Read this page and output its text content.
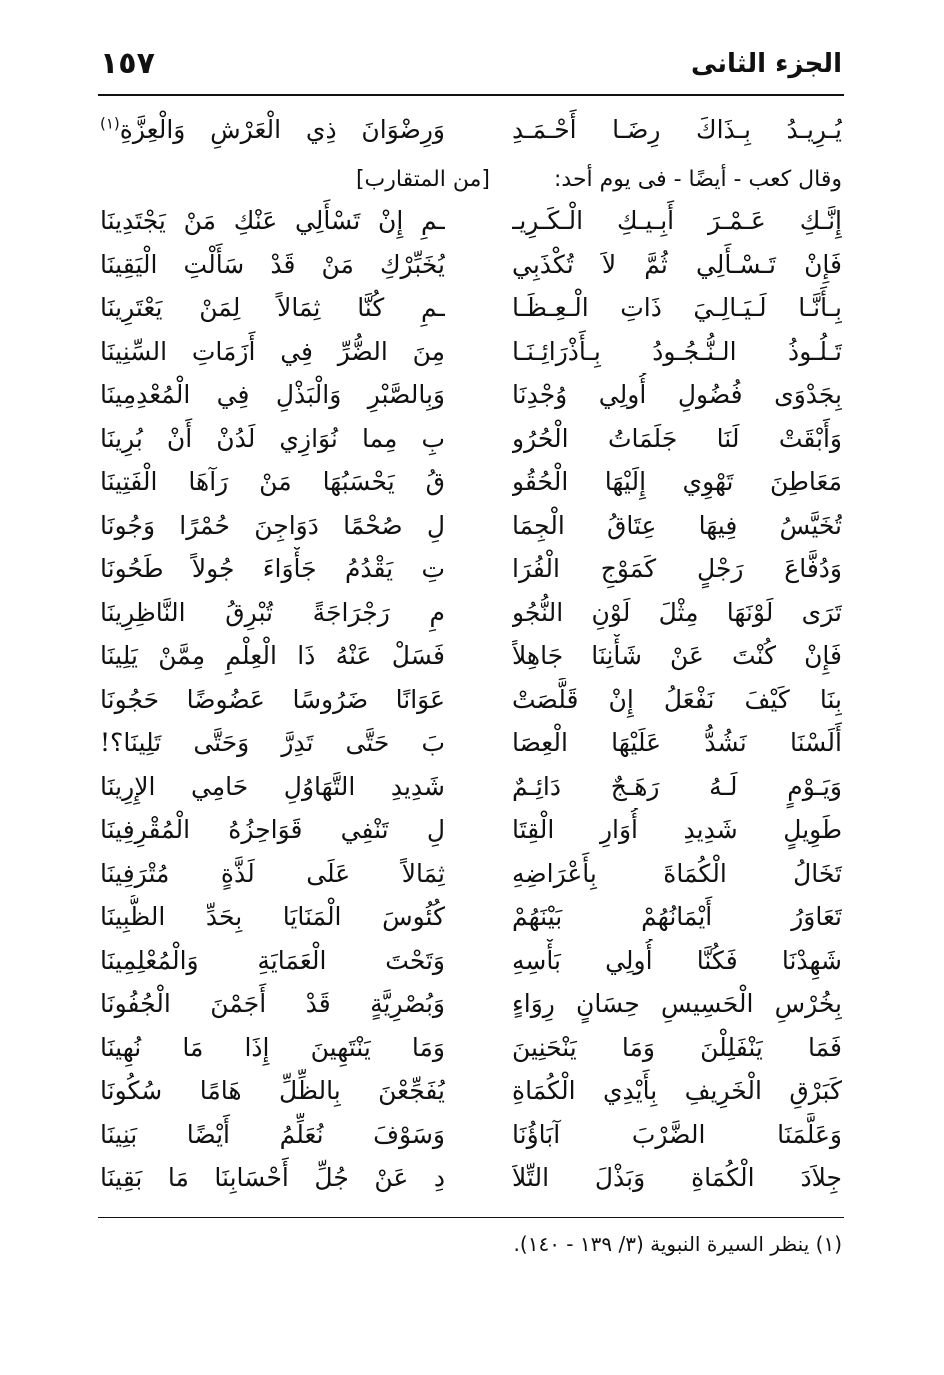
١٥٧	الجزء الثانى
يُـرِيـدُ بِـذَاكَ رِضَـا أَحْـمَـدِ
وَرِضْوَانَ ذِي الْعَرْشِ وَالْعِزَّةِ$^{(١)}$
وقال كعب - أيضًا - فى يوم أحد:
[من المتقارب]
إِنَّـكِ عَـمْـرَ أَبِـيـكِ الْـكَـرِيـ
ـمِ إِنْ تَسْأَلِي عَنْكِ مَنْ يَجْتَدِينَا
فَإِنْ تَـسْـأَلِي ثُمَّ لاَ تُكْذَبِي
يُخَبِّرْكِ مَنْ قَدْ سَأَلْتِ الْيَقِينَا
بِـأَنَّـا لَـيَـالِـيَ ذَاتِ الْـعِـظَـا
ـمِ كُنَّا ثِمَالاً لِمَنْ يَعْتَرِينَا
تَـلُـوذُ الـنُّـجُـودُ بِـأَذْرَائِـنَـا
مِنَ الضُّرِّ فِي أَزَمَاتِ السِّنِينَا
بِجَدْوَى فُضُولِ أُولِي وُجْدِنَا
وَبِالصَّبْرِ وَالْبَذْلِ فِي الْمُعْدِمِينَا
وَأَبْقَتْ لَنَا جَلَمَاتُ الْحُرُو
بِ مِما نُوَازِي لَدُنْ أَنْ بُرِينَا
مَعَاطِنَ تَهْوِي إِلَيْهَا الْحُقُو
قُ يَحْسَبُهَا مَنْ رَآهَا الْفَتِينَا
تُخَيَّسُ فِيهَا عِتَاقُ الْجِمَا
لِ صُحْمًا دَوَاجِنَ حُمْرًا وَجُونَا
وَدُفَّاعَ رَجْلٍ كَمَوْجِ الْفُرَا
تِ يَقْدُمُ جَأْوَاءَ جُولاً طَحُونَا
تَرَى لَوْنَهَا مِثْلَ لَوْنِ النُّجُو
مِ رَجْرَاجَةً تُبْرِقُ النَّاظِرِينَا
فَإِنْ كُنْتَ عَنْ شَأْنِنَا جَاهِلاً
فَسَلْ عَنْهُ ذَا الْعِلْمِ مِمَّنْ يَلِينَا
بِنَا كَيْفَ نَفْعَلُ إِنْ قَلَّصَتْ
عَوَانًا ضَرُوسًا عَضُوضًا حَجُونَا
أَلَسْنَا نَشُدُّ عَلَيْهَا الْعِصَا
بَ حَتَّى تَدِرَّ وَحَتَّى تَلِينَا؟!
وَيَـوْمٍ لَـهُ رَهَـجٌ دَائِـمٌ
شَدِيدِ التَّهَاوُلِ حَامِي الإِرِينَا
طَوِيلٍ شَدِيدِ أُوَارِ الْقِتَا
لِ تَنْفِي قَوَاحِزُهُ الْمُقْرِفِينَا
تَخَالُ الْكُمَاةَ بِأَعْرَاضِهِ
ثِمَالاً عَلَى لَذَّةٍ مُتْرَفِينَا
تَعَاوَرُ أَيْمَانُهُمْ بَيْنَهُمْ
كُئُوسَ الْمَنَايَا بِحَدِّ الظُّبِينَا
شَهِدْنَا فَكُنَّا أُولِي بَأْسِهِ
وَتَحْتَ الْعَمَايَةِ وَالْمُعْلِمِينَا
بِخُرْسِ الْحَسِيسِ حِسَانٍ رِوَاءٍ
وَبُصْرِيَّةٍ قَدْ أَجَمْنَ الْجُفُونَا
فَمَا يَنْفَلِلْنَ وَمَا يَنْحَنِينَ
وَمَا يَنْتَهِينَ إِذَا مَا نُهِينَا
كَبَرْقِ الْخَرِيفِ بِأَيْدِي الْكُمَاةِ
يُفَجِّعْنَ بِالظِّلِّ هَامًا سُكُونَا
وَعَلَّمَنَا الضَّرْبَ آبَاؤُنَا
وَسَوْفَ نُعَلِّمُ أَيْضًا بَنِينَا
جِلاَدَ الْكُمَاةِ وَبَذْلَ التِّلاَ
دِ عَنْ جُلِّ أَحْسَابِنَا مَا بَقِينَا
(١) ينظر السيرة النبوية (٣/ ١٣٩ - ١٤٠).
